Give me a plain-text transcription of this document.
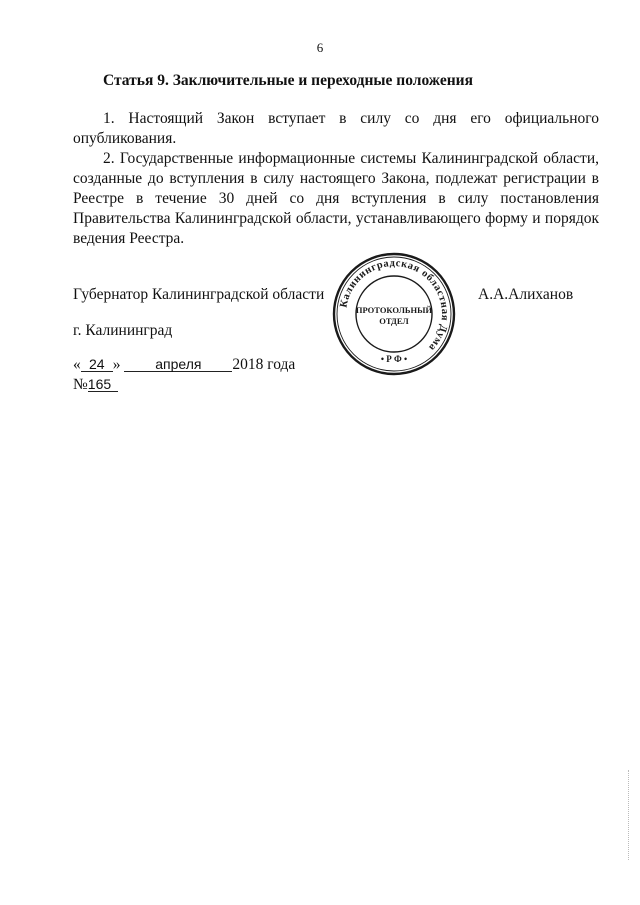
6
Статья 9. Заключительные и переходные положения
1. Настоящий Закон вступает в силу со дня его официального
опубликования.
2. Государственные информационные системы Калининградской области,
созданные до вступления в силу настоящего Закона, подлежат регистрации в
Реестре в течение 30 дней со дня вступления в силу постановления
Правительства Калининградской области, устанавливающего форму и порядок
ведения Реестра.
Губернатор Калининградской области
Калининградская областная Дума
ПРОТОКОЛЬНЫЙ
ОТДЕЛ
• Р Ф •
А.А.Алиханов
г. Калининград
« 24 » апреля 2018 года
№165
